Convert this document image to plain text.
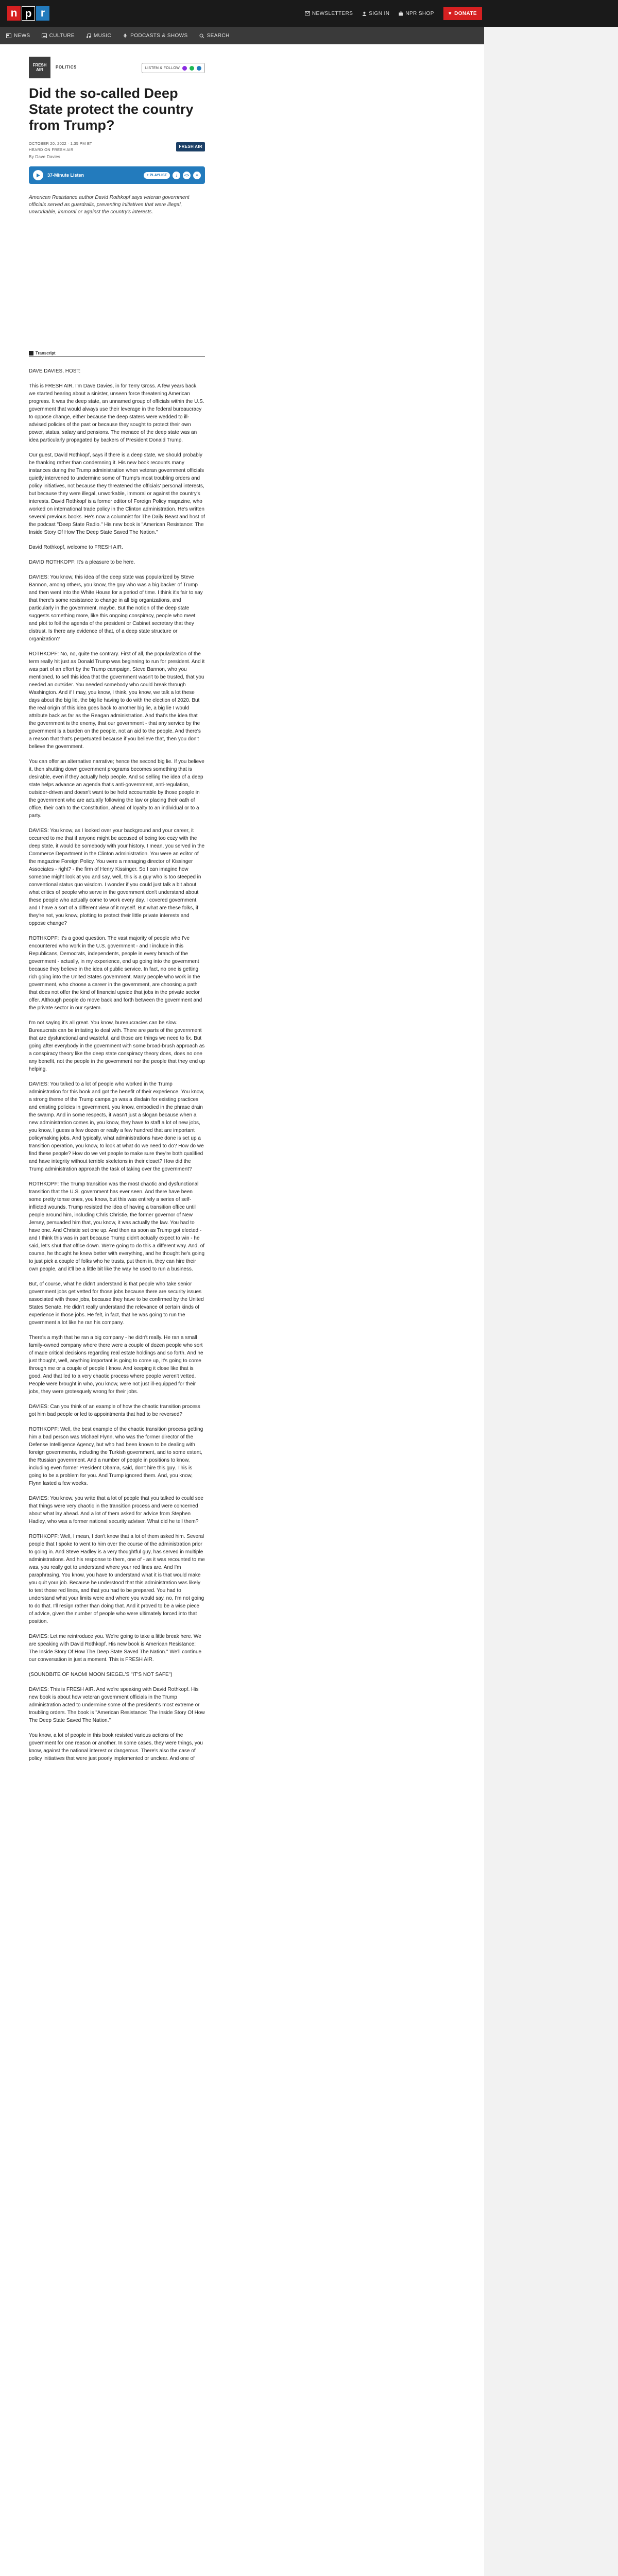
n p r	NEWSLETTERS	SIGN IN	NPR SHOP	♥ DONATE
NEWS	CULTURE	MUSIC	PODCASTS & SHOWS	SEARCH
FRESH AIR
POLITICS	LISTEN & FOLLOW
Did the so-called Deep State protect the country from Trump?
OCTOBER 20, 2022 · 1:35 PM ET
HEARD ON FRESH AIR
FRESH AIR
By Dave Davies
37-Minute Listen	+ PLAYLIST	↓	<>	≡

American Resistance author David Rothkopf says veteran government officials served as guardrails, preventing initiatives that were illegal, unworkable, immoral or against the country's interests.

Transcript

DAVE DAVIES, HOST:

This is FRESH AIR. I'm Dave Davies, in for Terry Gross. A few years back, we started hearing about a sinister, unseen force threatening American progress. It was the deep state, an unnamed group of officials within the U.S. government that would always use their leverage in the federal bureaucracy to oppose change, either because the deep staters were wedded to ill-advised policies of the past or because they sought to protect their own power, status, salary and pensions. The menace of the deep state was an idea particularly propagated by backers of President Donald Trump.

Our guest, David Rothkopf, says if there is a deep state, we should probably be thanking rather than condemning it. His new book recounts many instances during the Trump administration when veteran government officials quietly intervened to undermine some of Trump's most troubling orders and policy initiatives, not because they threatened the officials' personal interests, but because they were illegal, unworkable, immoral or against the country's interests. David Rothkopf is a former editor of Foreign Policy magazine, who worked on international trade policy in the Clinton administration. He's written several previous books. He's now a columnist for The Daily Beast and host of the podcast "Deep State Radio." His new book is "American Resistance: The Inside Story Of How The Deep State Saved The Nation."

David Rothkopf, welcome to FRESH AIR.

DAVID ROTHKOPF: It's a pleasure to be here.

DAVIES: You know, this idea of the deep state was popularized by Steve Bannon, among others, you know, the guy who was a big backer of Trump and then went into the White House for a period of time. I think it's fair to say that there's some resistance to change in all big organizations, and particularly in the government, maybe. But the notion of the deep state suggests something more, like this ongoing conspiracy, people who meet and plot to foil the agenda of the president or Cabinet secretary that they distrust. Is there any evidence of that, of a deep state structure or organization?

ROTHKOPF: No, no, quite the contrary. First of all, the popularization of the term really hit just as Donald Trump was beginning to run for president. And it was part of an effort by the Trump campaign, Steve Bannon, who you mentioned, to sell this idea that the government wasn't to be trusted, that you needed an outsider. You needed somebody who could break through Washington. And if I may, you know, I think, you know, we talk a lot these days about the big lie, the big lie having to do with the election of 2020. But the real origin of this idea goes back to another big lie, a big lie I would attribute back as far as the Reagan administration. And that's the idea that the government is the enemy, that our government - that any service by the government is a burden on the people, not an aid to the people. And there's a reason that that's perpetuated because if you believe that, then you don't believe the government.

You can offer an alternative narrative; hence the second big lie. If you believe it, then shutting down government programs becomes something that is desirable, even if they actually help people. And so selling the idea of a deep state helps advance an agenda that's anti-government, anti-regulation, outsider-driven and doesn't want to be held accountable by those people in the government who are actually following the law or placing their oath of office, their oath to the Constitution, ahead of loyalty to an individual or to a party.

DAVIES: You know, as I looked over your background and your career, it occurred to me that if anyone might be accused of being too cozy with the deep state, it would be somebody with your history. I mean, you served in the Commerce Department in the Clinton administration. You were an editor of the magazine Foreign Policy. You were a managing director of Kissinger Associates - right? - the firm of Henry Kissinger. So I can imagine how someone might look at you and say, well, this is a guy who is too steeped in conventional status quo wisdom. I wonder if you could just talk a bit about what critics of people who serve in the government don't understand about these people who actually come to work every day. I covered government, and I have a sort of a different view of it myself. But what are these folks, if they're not, you know, plotting to protect their little private interests and oppose change?

ROTHKOPF: It's a good question. The vast majority of people who I've encountered who work in the U.S. government - and I include in this Republicans, Democrats, independents, people in every branch of the government - actually, in my experience, end up going into the government because they believe in the idea of public service. In fact, no one is getting rich going into the United States government. Many people who work in the government, who choose a career in the government, are choosing a path that does not offer the kind of financial upside that jobs in the private sector offer. Although people do move back and forth between the government and the private sector in our system.

I'm not saying it's all great. You know, bureaucracies can be slow. Bureaucrats can be irritating to deal with. There are parts of the government that are dysfunctional and wasteful, and those are things we need to fix. But going after everybody in the government with some broad-brush approach as a conspiracy theory like the deep state conspiracy theory does, does no one any benefit, not the people in the government nor the people that they end up helping.

DAVIES: You talked to a lot of people who worked in the Trump administration for this book and got the benefit of their experience. You know, a strong theme of the Trump campaign was a disdain for existing practices and existing policies in government, you know, embodied in the phrase drain the swamp. And in some respects, it wasn't just a slogan because when a new administration comes in, you know, they have to staff a lot of new jobs, you know, I guess a few dozen or really a few hundred that are important policymaking jobs. And typically, what administrations have done is set up a transition operation, you know, to look at what do we need to do? How do we find these people? How do we vet people to make sure they're both qualified and have integrity without terrible skeletons in their closet? How did the Trump administration approach the task of taking over the government?

ROTHKOPF: The Trump transition was the most chaotic and dysfunctional transition that the U.S. government has ever seen. And there have been some pretty tense ones, you know, but this was entirely a series of self-inflicted wounds. Trump resisted the idea of having a transition office until people around him, including Chris Christie, the former governor of New Jersey, persuaded him that, you know, it was actually the law. You had to have one. And Christie set one up. And then as soon as Trump got elected - and I think this was in part because Trump didn't actually expect to win - he said, let's shut that office down. We're going to do this a different way. And, of course, he thought he knew better with everything, and he thought he's going to just pick a couple of folks who he trusts, put them in, they can hire their own people, and it'll be a little bit like the way he used to run a business.

But, of course, what he didn't understand is that people who take senior government jobs get vetted for those jobs because there are security issues associated with those jobs, because they have to be confirmed by the United States Senate. He didn't really understand the relevance of certain kinds of experience in those jobs. He felt, in fact, that he was going to run the government a lot like he ran his company.

There's a myth that he ran a big company - he didn't really. He ran a small family-owned company where there were a couple of dozen people who sort of made critical decisions regarding real estate holdings and so forth. And he just thought, well, anything important is going to come up, it's going to come through me or a couple of people I know. And keeping it close like that is good. And that led to a very chaotic process where people weren't vetted. People were brought in who, you know, were not just ill-equipped for their jobs, they were grotesquely wrong for their jobs.

DAVIES: Can you think of an example of how the chaotic transition process got him bad people or led to appointments that had to be reversed?

ROTHKOPF: Well, the best example of the chaotic transition process getting him a bad person was Michael Flynn, who was the former director of the Defense Intelligence Agency, but who had been known to be dealing with foreign governments, including the Turkish government, and to some extent, the Russian government. And a number of people in positions to know, including even former President Obama, said, don't hire this guy. This is going to be a problem for you. And Trump ignored them. And, you know, Flynn lasted a few weeks.

DAVIES: You know, you write that a lot of people that you talked to could see that things were very chaotic in the transition process and were concerned about what lay ahead. And a lot of them asked for advice from Stephen Hadley, who was a former national security adviser. What did he tell them?

ROTHKOPF: Well, I mean, I don't know that a lot of them asked him. Several people that I spoke to went to him over the course of the administration prior to going in. And Steve Hadley is a very thoughtful guy, has served in multiple administrations. And his response to them, one of - as it was recounted to me was, you really got to understand where your red lines are. And I'm paraphrasing. You know, you have to understand what it is that would make you quit your job. Because he understood that this administration was likely to test those red lines, and that you had to be prepared. You had to understand what your limits were and where you would say, no, I'm not going to do that. I'll resign rather than doing that. And it proved to be a wise piece of advice, given the number of people who were ultimately forced into that position.

DAVIES: Let me reintroduce you. We're going to take a little break here. We are speaking with David Rothkopf. His new book is American Resistance: The Inside Story Of How The Deep State Saved The Nation." We'll continue our conversation in just a moment. This is FRESH AIR.

(SOUNDBITE OF NAOMI MOON SIEGEL'S "IT'S NOT SAFE")

DAVIES: This is FRESH AIR. And we're speaking with David Rothkopf. His new book is about how veteran government officials in the Trump administration acted to undermine some of the president's most extreme or troubling orders. The book is "American Resistance: The Inside Story Of How The Deep State Saved The Nation."

You know, a lot of people in this book resisted various actions of the government for one reason or another. In some cases, they were things, you know, against the national interest or dangerous. There's also the case of policy initiatives that were just poorly implemented or unclear. And one of
